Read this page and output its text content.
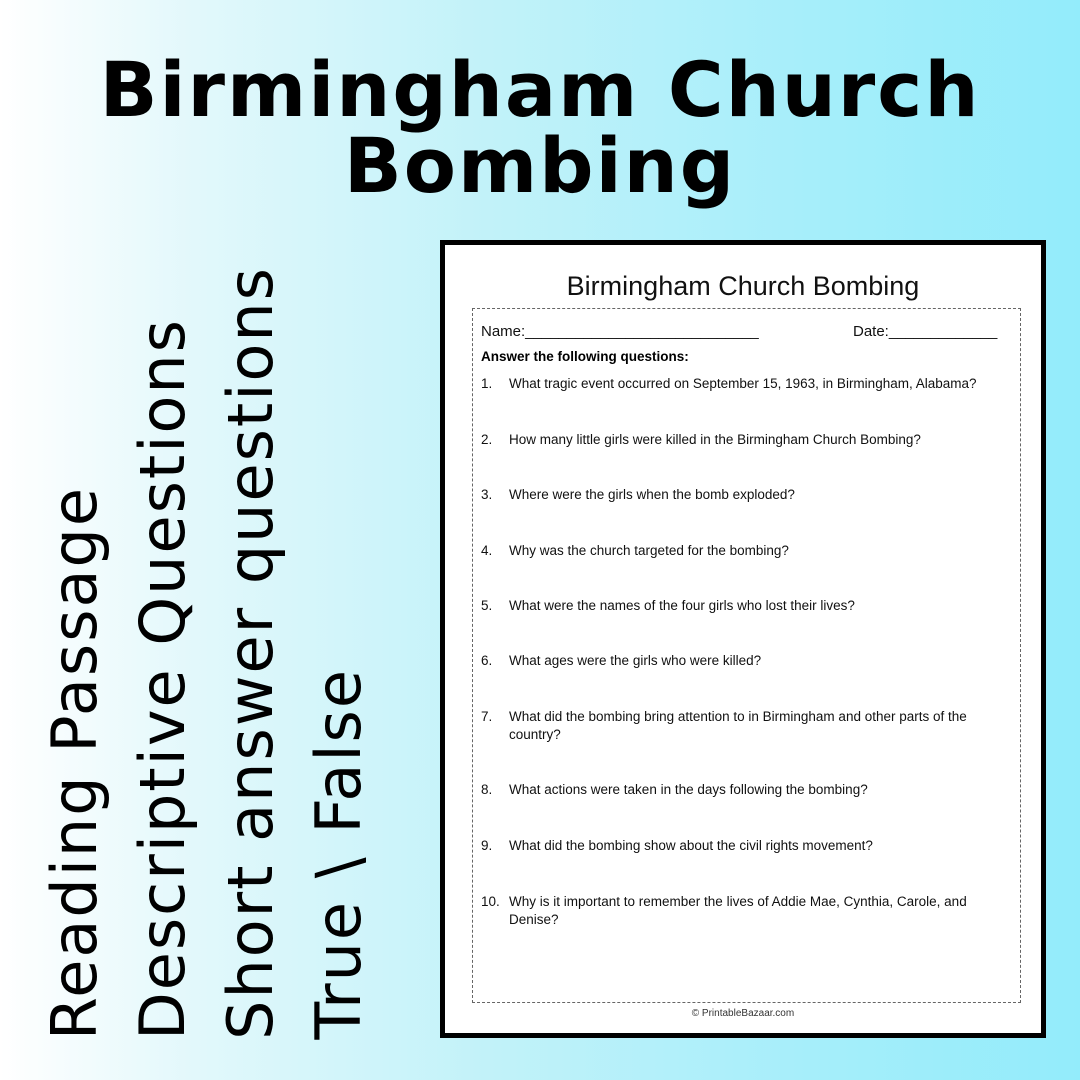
Birmingham Church Bombing
Reading Passage Descriptive Questions Short answer questions True \ False
Birmingham Church Bombing
Name:____________________________	Date:_____________
Answer the following questions:
1. What tragic event occurred on September 15, 1963, in Birmingham, Alabama?
2. How many little girls were killed in the Birmingham Church Bombing?
3. Where were the girls when the bomb exploded?
4. Why was the church targeted for the bombing?
5. What were the names of the four girls who lost their lives?
6. What ages were the girls who were killed?
7. What did the bombing bring attention to in Birmingham and other parts of the country?
8. What actions were taken in the days following the bombing?
9. What did the bombing show about the civil rights movement?
10. Why is it important to remember the lives of Addie Mae, Cynthia, Carole, and Denise?
© PrintableBazaar.com
